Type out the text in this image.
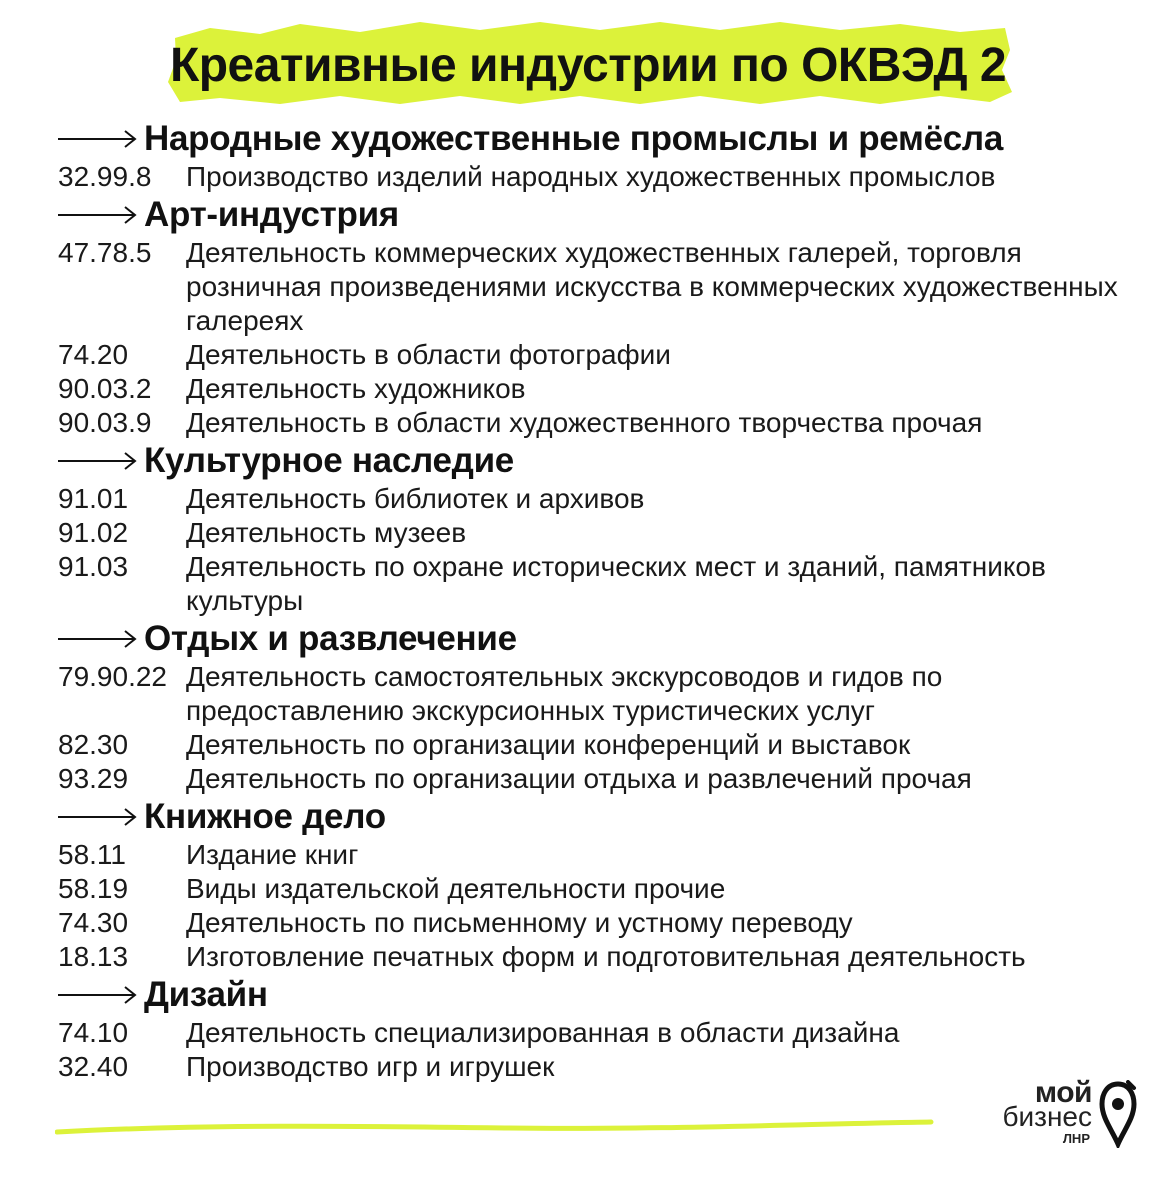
Креативные индустрии по ОКВЭД 2
Народные художественные промыслы и ремёсла
32.99.8	Производство изделий народных художественных промыслов
Арт-индустрия
47.78.5	Деятельность коммерческих художественных галерей, торговля розничная произведениями искусства в коммерческих художественных галереях
74.20	Деятельность в области фотографии
90.03.2	Деятельность художников
90.03.9	Деятельность в области художественного творчества прочая
Культурное наследие
91.01	Деятельность библиотек и архивов
91.02	Деятельность музеев
91.03	Деятельность по охране исторических мест и зданий, памятников культуры
Отдых и развлечение
79.90.22 Деятельность самостоятельных экскурсоводов и гидов по предоставлению экскурсионных туристических услуг
82.30	Деятельность по организации конференций и выставок
93.29	Деятельность по организации отдыха и развлечений прочая
Книжное дело
58.11	Издание книг
58.19	Виды издательской деятельности прочие
74.30	Деятельность по письменному и устному переводу
18.13	Изготовление печатных форм и подготовительная деятельность
Дизайн
74.10	Деятельность специализированная в области дизайна
32.40	Производство игр и игрушек
мой
бизнес
ЛНР
